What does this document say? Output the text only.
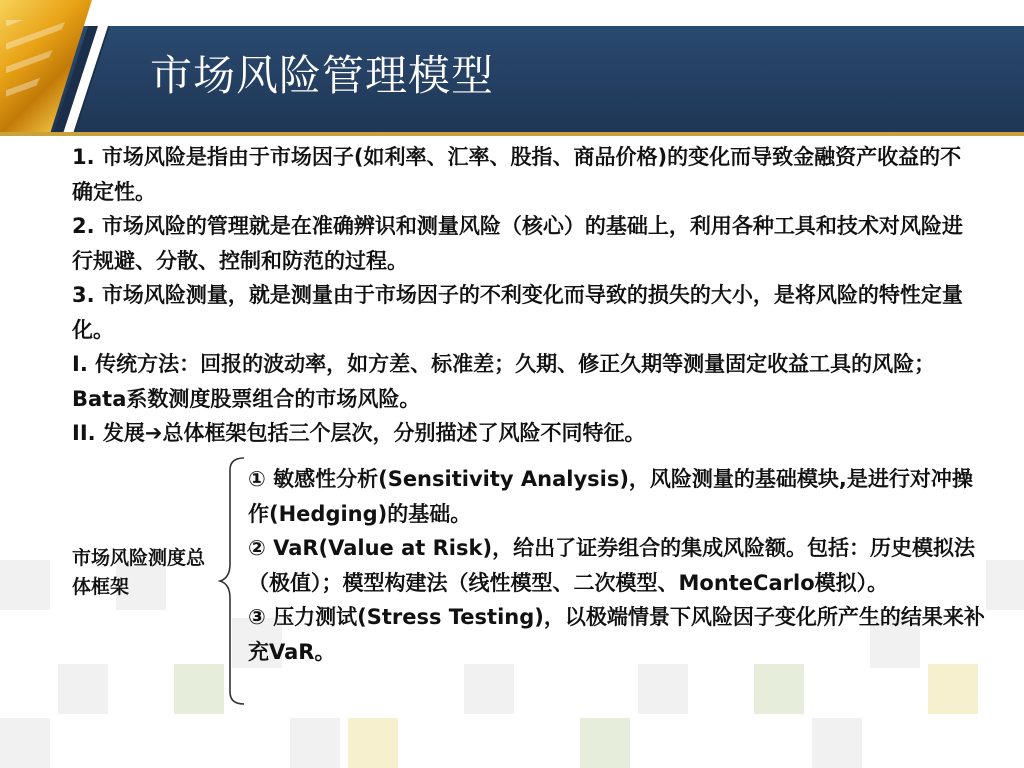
市场风险管理模型

1. 市场风险是指由于市场因子(如利率、汇率、股指、商品价格)的变化而导致金融资产收益的不确定性。

2. 市场风险的管理就是在准确辨识和测量风险（核心）的基础上，利用各种工具和技术对风险进行规避、分散、控制和防范的过程。

3. 市场风险测量，就是测量由于市场因子的不利变化而导致的损失的大小，是将风险的特性定量化。

I. 传统方法：回报的波动率，如方差、标准差；久期、修正久期等测量固定收益工具的风险；Bata系数测度股票组合的市场风险。

II. 发展➔总体框架包括三个层次，分别描述了风险不同特征。

市场风险测度总体框架

① 敏感性分析(Sensitivity Analysis)，风险测量的基础模块,是进行对冲操作(Hedging)的基础。

② VaR(Value at Risk)，给出了证券组合的集成风险额。包括：历史模拟法（极值）；模型构建法（线性模型、二次模型、MonteCarlo模拟）。

③ 压力测试(Stress Testing)，以极端情景下风险因子变化所产生的结果来补充VaR。
